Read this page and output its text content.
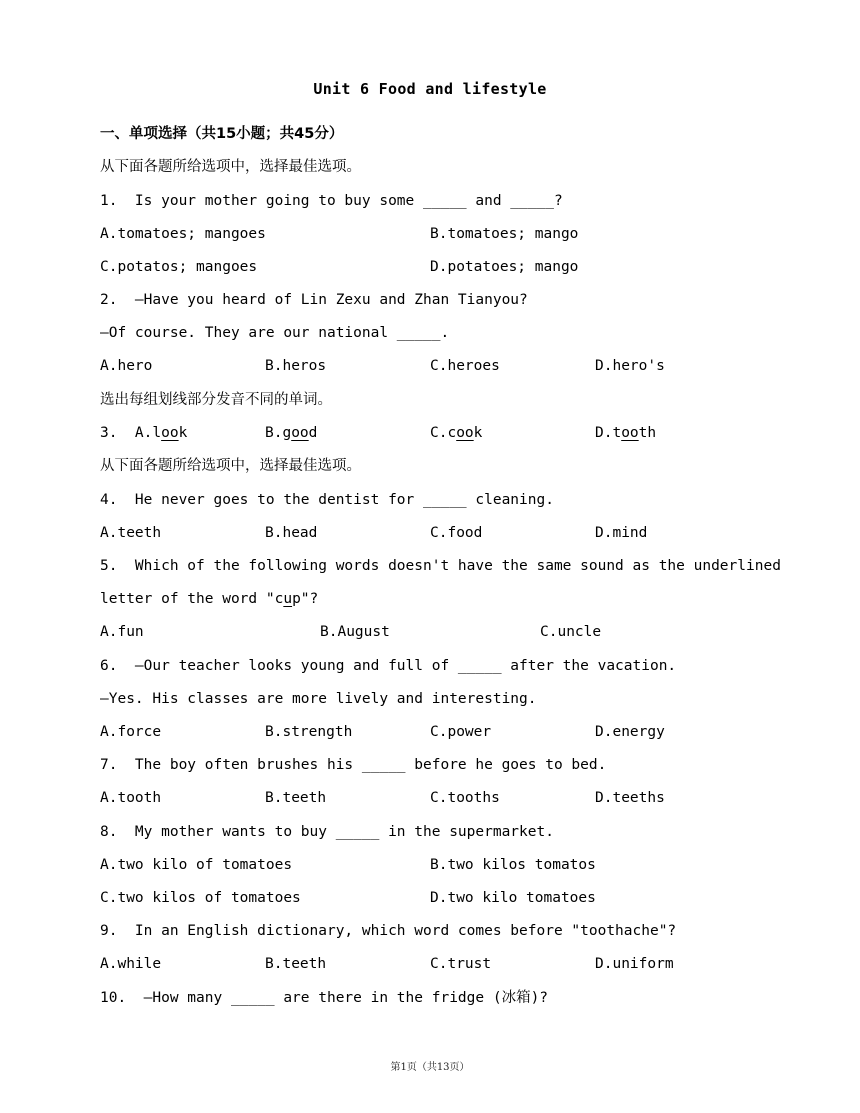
Unit 6 Food and lifestyle
一、单项选择（共15小题；共45分）
从下面各题所给选项中，选择最佳选项。
1.  Is your mother going to buy some _____ and _____?
A.tomatoes; mangoes	B.tomatoes; mango
C.potatos; mangoes	D.potatoes; mango
2.  —Have you heard of Lin Zexu and Zhan Tianyou?
—Of course. They are our national _____.
A.hero	B.heros	C.heroes	D.hero's
选出每组划线部分发音不同的单词。
3.  A.look	B.good	C.cook	D.tooth
从下面各题所给选项中，选择最佳选项。
4.  He never goes to the dentist for _____ cleaning.
A.teeth	B.head	C.food	D.mind
5.  Which of the following words doesn't have the same sound as the underlined
letter of the word "cup"?
A.fun	B.August	C.uncle
6.  —Our teacher looks young and full of _____ after the vacation.
—Yes. His classes are more lively and interesting.
A.force	B.strength	C.power	D.energy
7.  The boy often brushes his _____ before he goes to bed.
A.tooth	B.teeth	C.tooths	D.teeths
8.  My mother wants to buy _____ in the supermarket.
A.two kilo of tomatoes	B.two kilos tomatos
C.two kilos of tomatoes	D.two kilo tomatoes
9.  In an English dictionary, which word comes before "toothache"?
A.while	B.teeth	C.trust	D.uniform
10.  —How many _____ are there in the fridge (冰箱)?
第1页（共13页）
